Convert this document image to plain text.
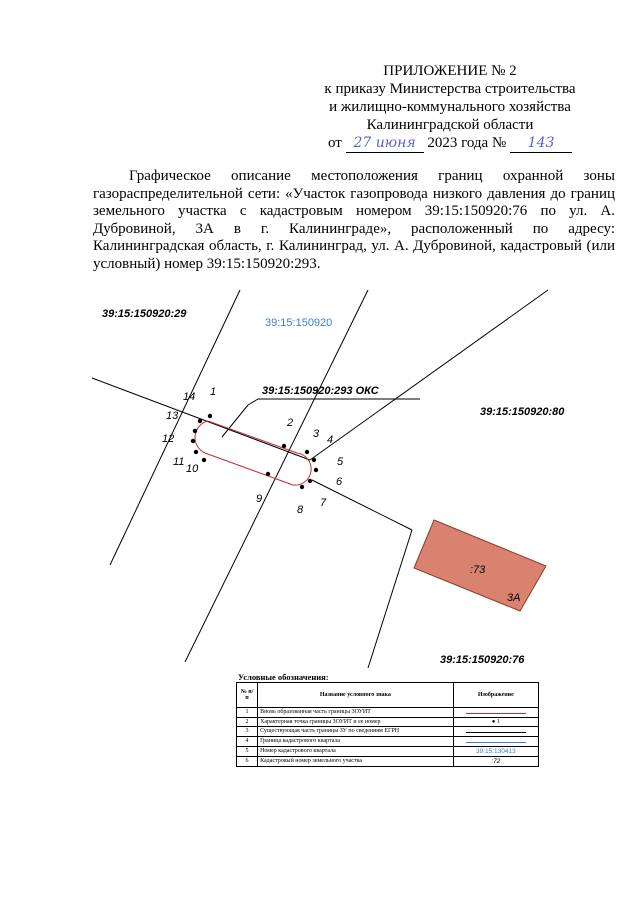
ПРИЛОЖЕНИЕ № 2
к приказу Министерства строительства
и жилищно-коммунального хозяйства
Калининградской области
от 27 июня 2023 года № 143
Графическое описание местоположения границ охранной зоны газораспределительной сети: «Участок газопровода низкого давления до границ земельного участка с кадастровым номером 39:15:150920:76 по ул. А. Дубровиной, 3А в г. Калининграде», расположенный по адресу: Калининградская область, г. Калининград, ул. А. Дубровиной, кадастровый (или условный) номер 39:15:150920:293.
39:15:150920:29
39:15:150920
39:15:150920:293 ОКС
39:15:150920:80
39:15:150920:76
:73
3А
1
2
3 4
5
6
7
8
9
10
11
12
13
14
Условные обозначения:
№ п/ п	Название условного знака	Изображение
1	Вновь образованная часть границы ЗОУИТ	
2	Характерная точка границы ЗОУИТ и ее номер	● 1
3	Существующая часть границы ЗУ по сведениям ЕГРН	
4	Граница кадастрового квартала	
5	Номер кадастрового квартала	39:15:130413
6	Кадастровый номер земельного участка	:72
